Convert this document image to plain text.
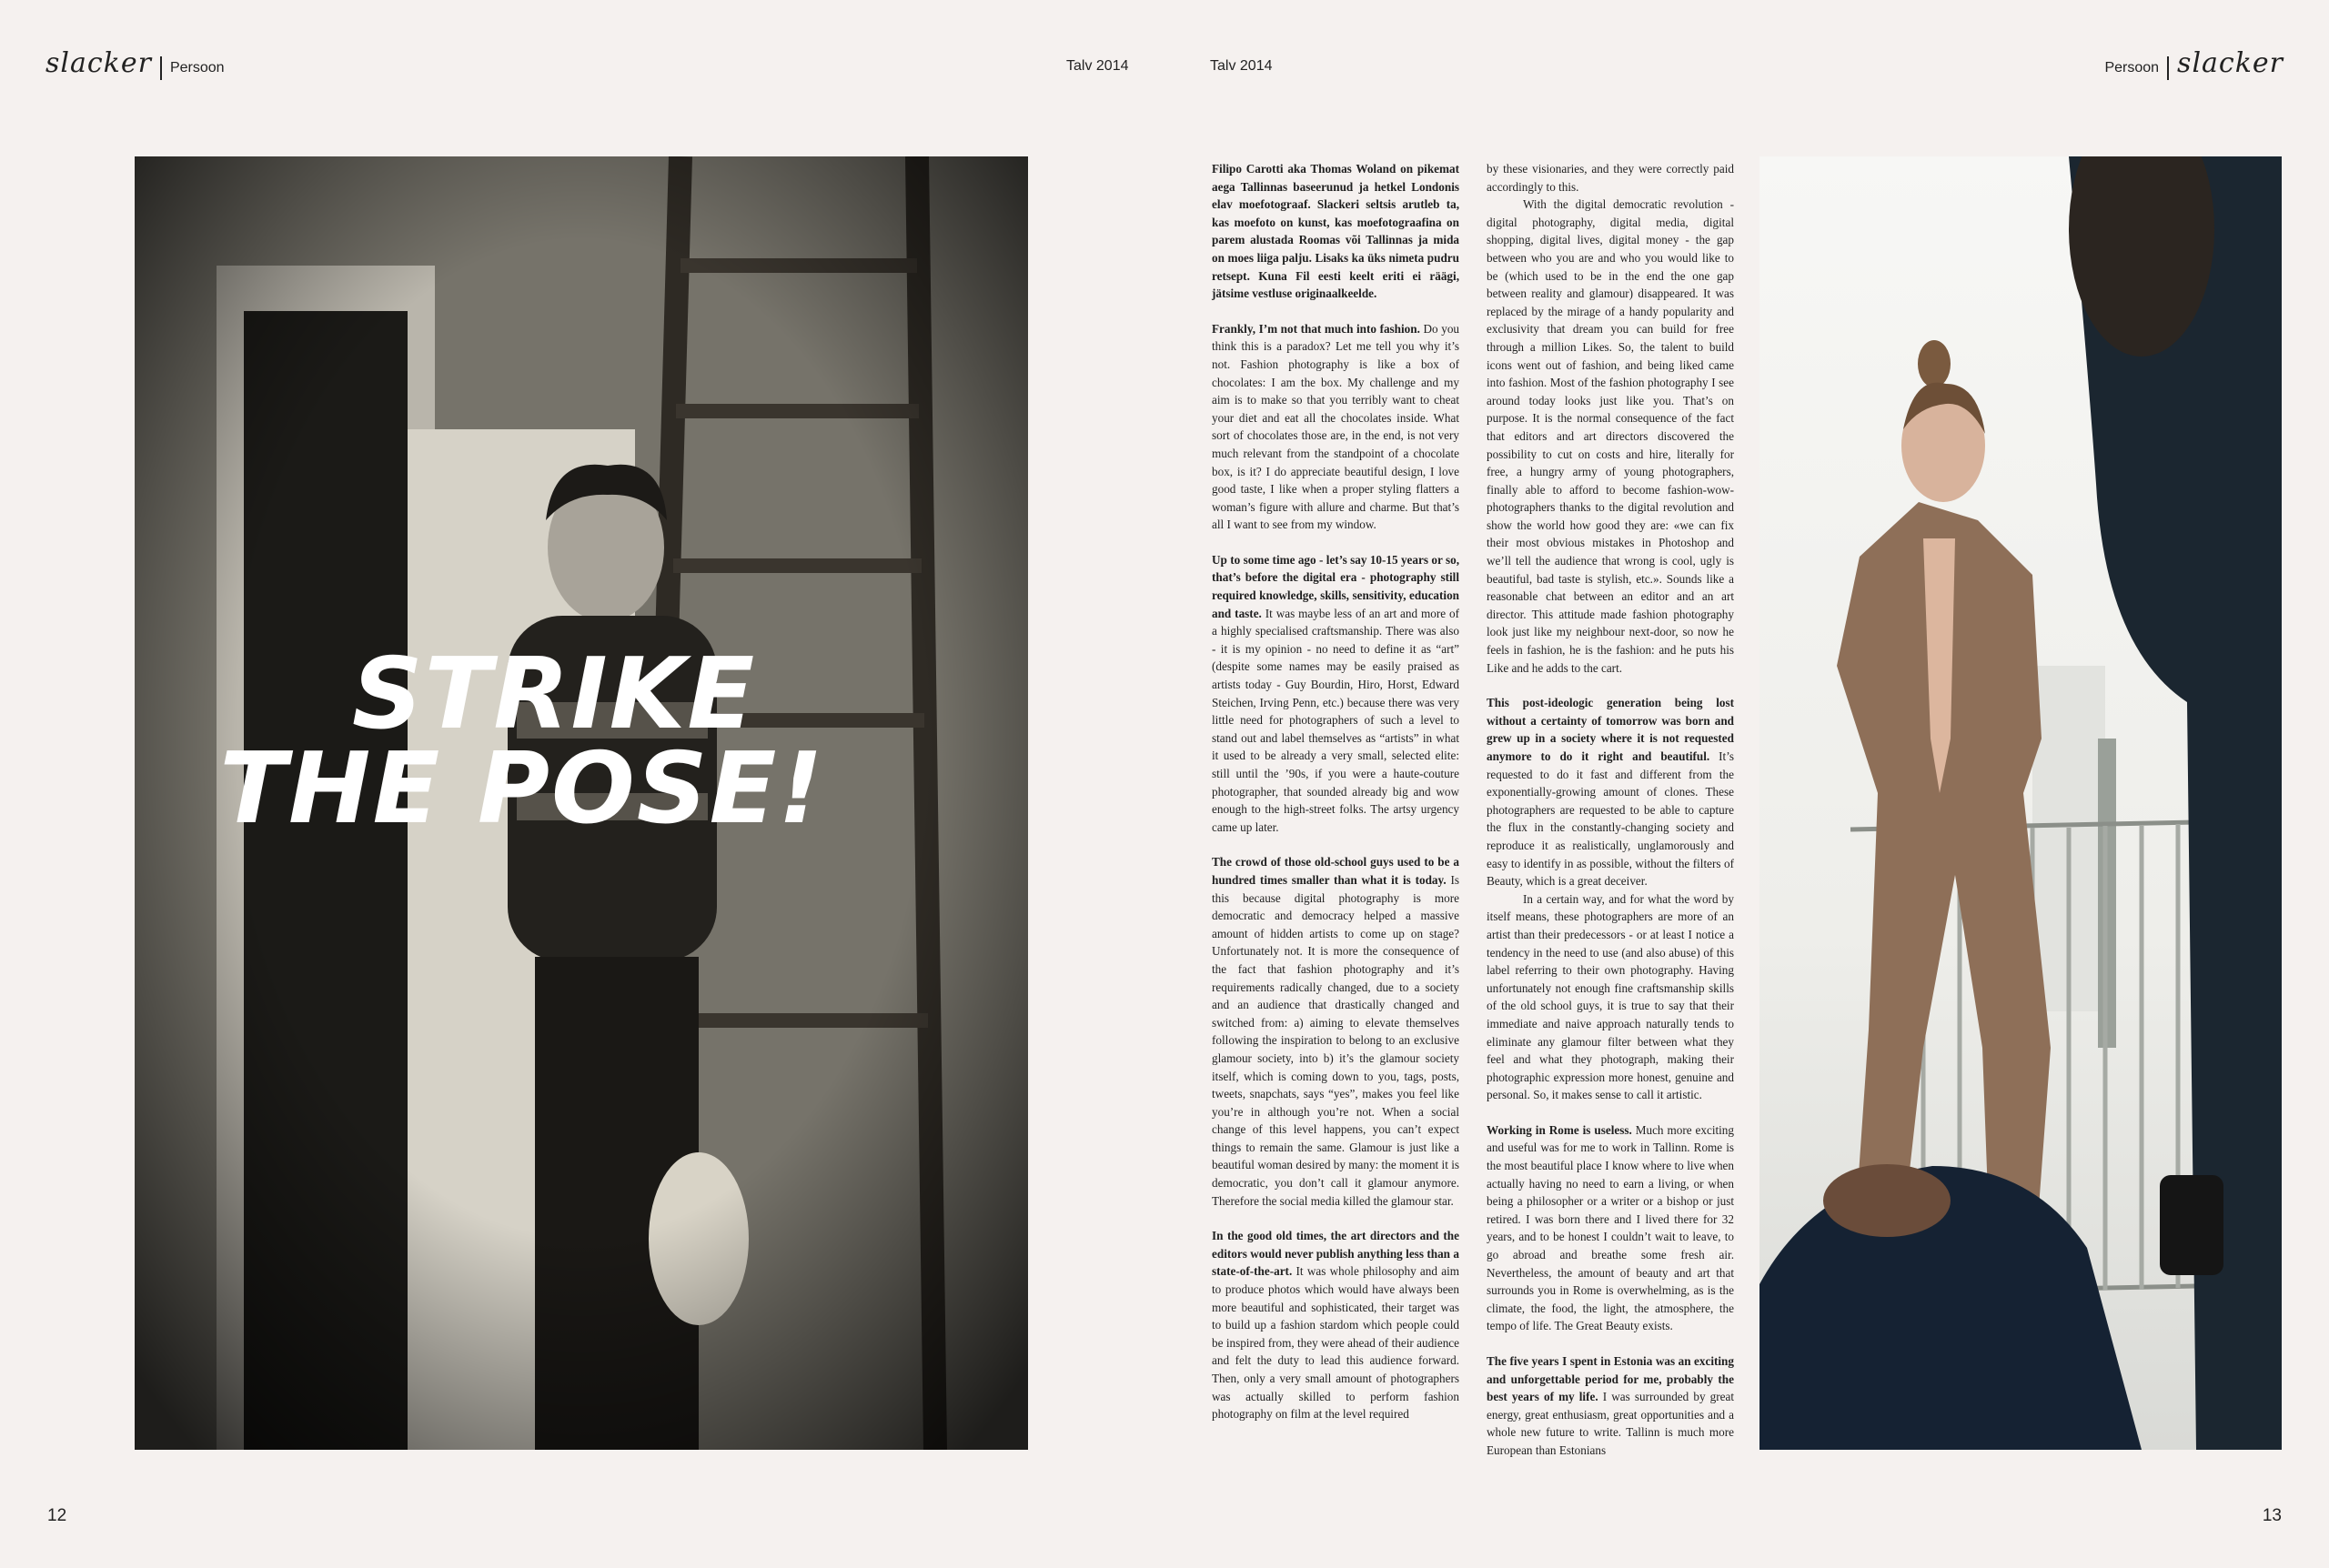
slacker Persoon	Talv 2014	Talv 2014	Persoon slacker
STRIKE
THE POSE!

Filipo Carotti aka Thomas Woland on pikemat aega Tallinnas baseerunud ja hetkel Londonis elav moefotograaf. Slackeri seltsis arutleb ta, kas moefoto on kunst, kas moefotograafina on parem alustada Roomas või Tallinnas ja mida on moes liiga palju. Lisaks ka üks nimeta pudru retsept. Kuna Fil eesti keelt eriti ei räägi, jätsime vestluse originaalkeelde.

Frankly, I’m not that much into fashion. Do you think this is a paradox? Let me tell you why it’s not. Fashion photography is like a box of chocolates: I am the box. My challenge and my aim is to make so that you terribly want to cheat your diet and eat all the chocolates inside. What sort of chocolates those are, in the end, is not very much relevant from the standpoint of a chocolate box, is it? I do appreciate beautiful design, I love good taste, I like when a proper styling flatters a woman’s figure with allure and charme. But that’s all I want to see from my window.

Up to some time ago - let’s say 10-15 years or so, that’s before the digital era - photography still required knowledge, skills, sensitivity, education and taste. It was maybe less of an art and more of a highly specialised craftsmanship. There was also - it is my opinion - no need to define it as “art” (despite some names may be easily praised as artists today - Guy Bourdin, Hiro, Horst, Edward Steichen, Irving Penn, etc.) because there was very little need for photographers of such a level to stand out and label themselves as “artists” in what it used to be already a very small, selected elite: still until the ’90s, if you were a haute-couture photographer, that sounded already big and wow enough to the high-street folks. The artsy urgency came up later.

The crowd of those old-school guys used to be a hundred times smaller than what it is today. Is this because digital photography is more democratic and democracy helped a massive amount of hidden artists to come up on stage? Unfortunately not. It is more the consequence of the fact that fashion photography and it’s requirements radically changed, due to a society and an audience that drastically changed and switched from: a) aiming to elevate themselves following the inspiration to belong to an exclusive glamour society, into b) it’s the glamour society itself, which is coming down to you, tags, posts, tweets, snapchats, says “yes”, makes you feel like you’re in although you’re not. When a social change of this level happens, you can’t expect things to remain the same. Glamour is just like a beautiful woman desired by many: the moment it is democratic, you don’t call it glamour anymore. Therefore the social media killed the glamour star.

In the good old times, the art directors and the editors would never publish anything less than a state-of-the-art. It was whole philosophy and aim to produce photos which would have always been more beautiful and sophisticated, their target was to build up a fashion stardom which people could be inspired from, they were ahead of their audience and felt the duty to lead this audience forward. Then, only a very small amount of photographers was actually skilled to perform fashion photography on film at the level required

by these visionaries, and they were correctly paid accordingly to this.

With the digital democratic revolution - digital photography, digital media, digital shopping, digital lives, digital money - the gap between who you are and who you would like to be (which used to be in the end the one gap between reality and glamour) disappeared. It was replaced by the mirage of a handy popularity and exclusivity that dream you can build for free through a million Likes. So, the talent to build icons went out of fashion, and being liked came into fashion. Most of the fashion photography I see around today looks just like you. That’s on purpose. It is the normal consequence of the fact that editors and art directors discovered the possibility to cut on costs and hire, literally for free, a hungry army of young photographers, finally able to afford to become fashion-wow-photographers thanks to the digital revolution and show the world how good they are: «we can fix their most obvious mistakes in Photoshop and we’ll tell the audience that wrong is cool, ugly is beautiful, bad taste is stylish, etc.». Sounds like a reasonable chat between an editor and an art director. This attitude made fashion photography look just like my neighbour next-door, so now he feels in fashion, he is the fashion: and he puts his Like and he adds to the cart.

This post-ideologic generation being lost without a certainty of tomorrow was born and grew up in a society where it is not requested anymore to do it right and beautiful. It’s requested to do it fast and different from the exponentially-growing amount of clones. These photographers are requested to be able to capture the flux in the constantly-changing society and reproduce it as realistically, unglamorously and easy to identify in as possible, without the filters of Beauty, which is a great deceiver.

In a certain way, and for what the word by itself means, these photographers are more of an artist than their predecessors - or at least I notice a tendency in the need to use (and also abuse) of this label referring to their own photography. Having unfortunately not enough fine craftsmanship skills of the old school guys, it is true to say that their immediate and naive approach naturally tends to eliminate any glamour filter between what they feel and what they photograph, making their photographic expression more honest, genuine and personal. So, it makes sense to call it artistic.

Working in Rome is useless. Much more exciting and useful was for me to work in Tallinn. Rome is the most beautiful place I know where to live when actually having no need to earn a living, or when being a philosopher or a writer or a bishop or just retired. I was born there and I lived there for 32 years, and to be honest I couldn’t wait to leave, to go abroad and breathe some fresh air. Nevertheless, the amount of beauty and art that surrounds you in Rome is overwhelming, as is the climate, the food, the light, the atmosphere, the tempo of life. The Great Beauty exists.

The five years I spent in Estonia was an exciting and unforgettable period for me, probably the best years of my life. I was surrounded by great energy, great enthusiasm, great opportunities and a whole new future to write. Tallinn is much more European than Estonians

12	13
